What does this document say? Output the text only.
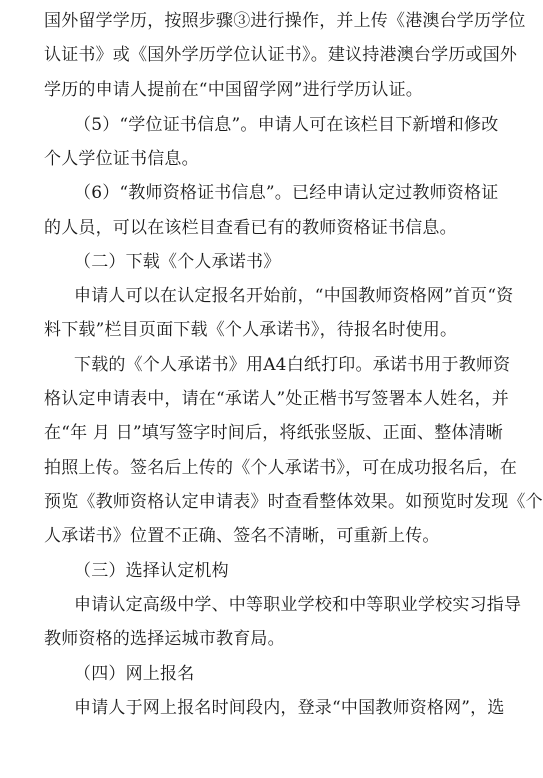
国外留学学历，按照步骤③进行操作，并上传《港澳台学历学位
认证书》或《国外学历学位认证书》。建议持港澳台学历或国外
学历的申请人提前在“中国留学网”进行学历认证。
（5）“学位证书信息”。申请人可在该栏目下新增和修改
个人学位证书信息。
（6）“教师资格证书信息”。已经申请认定过教师资格证
的人员，可以在该栏目查看已有的教师资格证书信息。
（二）下载《个人承诺书》
申请人可以在认定报名开始前，“中国教师资格网”首页“资
料下载”栏目页面下载《个人承诺书》，待报名时使用。
下载的《个人承诺书》用A4白纸打印。承诺书用于教师资
格认定申请表中，请在“承诺人”处正楷书写签署本人姓名，并
在“年 月 日”填写签字时间后，将纸张竖版、正面、整体清晰
拍照上传。签名后上传的《个人承诺书》，可在成功报名后，在
预览《教师资格认定申请表》时查看整体效果。如预览时发现《个
人承诺书》位置不正确、签名不清晰，可重新上传。
（三）选择认定机构
申请认定高级中学、中等职业学校和中等职业学校实习指导
教师资格的选择运城市教育局。
（四）网上报名
申请人于网上报名时间段内，登录“中国教师资格网”，选
